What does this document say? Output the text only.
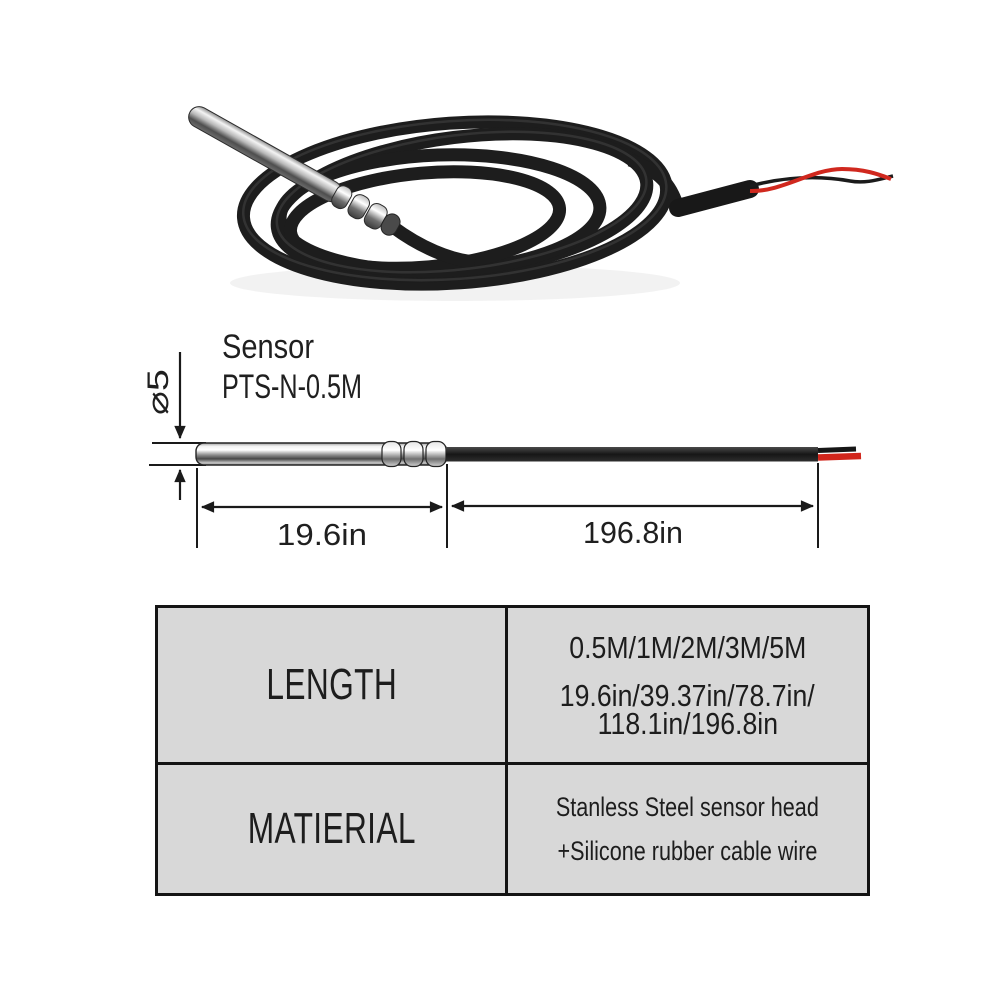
Sensor
PTS-N-0.5M
⌀5
19.6in	196.8in
LENGTH
0.5M/1M/2M/3M/5M
19.6in/39.37in/78.7in/
118.1in/196.8in
MATIERIAL	Stanless Steel sensor head
+Silicone rubber cable wire
